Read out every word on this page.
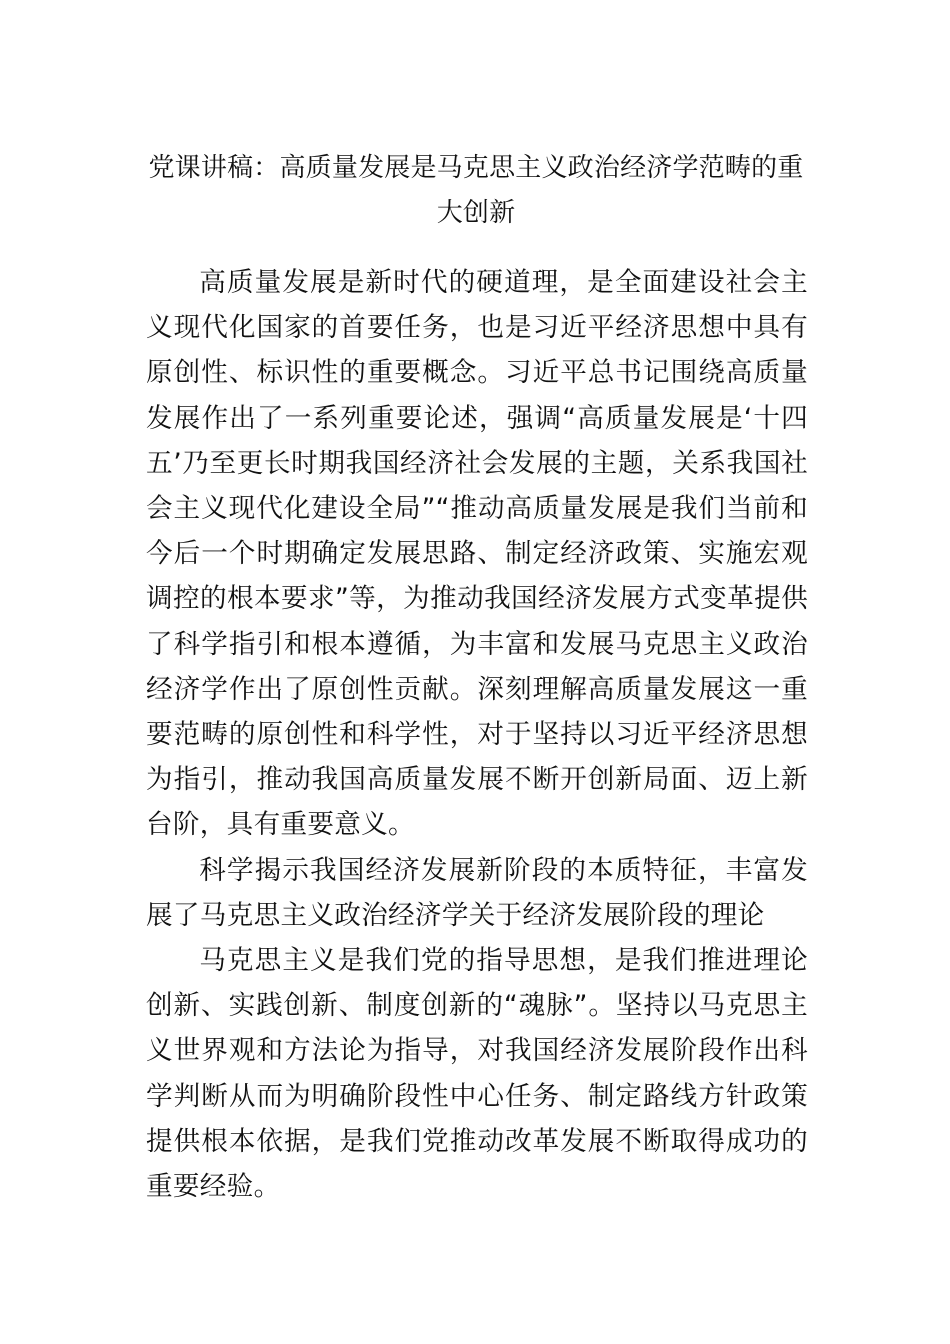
党课讲稿：高质量发展是马克思主义政治经济学范畴的重大创新

高质量发展是新时代的硬道理，是全面建设社会主义现代化国家的首要任务，也是习近平经济思想中具有原创性、标识性的重要概念。习近平总书记围绕高质量发展作出了一系列重要论述，强调“高质量发展是‘十四五’乃至更长时期我国经济社会发展的主题，关系我国社会主义现代化建设全局”“推动高质量发展是我们当前和今后一个时期确定发展思路、制定经济政策、实施宏观调控的根本要求”等，为推动我国经济发展方式变革提供了科学指引和根本遵循，为丰富和发展马克思主义政治经济学作出了原创性贡献。深刻理解高质量发展这一重要范畴的原创性和科学性，对于坚持以习近平经济思想为指引，推动我国高质量发展不断开创新局面、迈上新台阶，具有重要意义。

科学揭示我国经济发展新阶段的本质特征，丰富发展了马克思主义政治经济学关于经济发展阶段的理论

马克思主义是我们党的指导思想，是我们推进理论创新、实践创新、制度创新的“魂脉”。坚持以马克思主义世界观和方法论为指导，对我国经济发展阶段作出科学判断从而为明确阶段性中心任务、制定路线方针政策提供根本依据，是我们党推动改革发展不断取得成功的重要经验。
